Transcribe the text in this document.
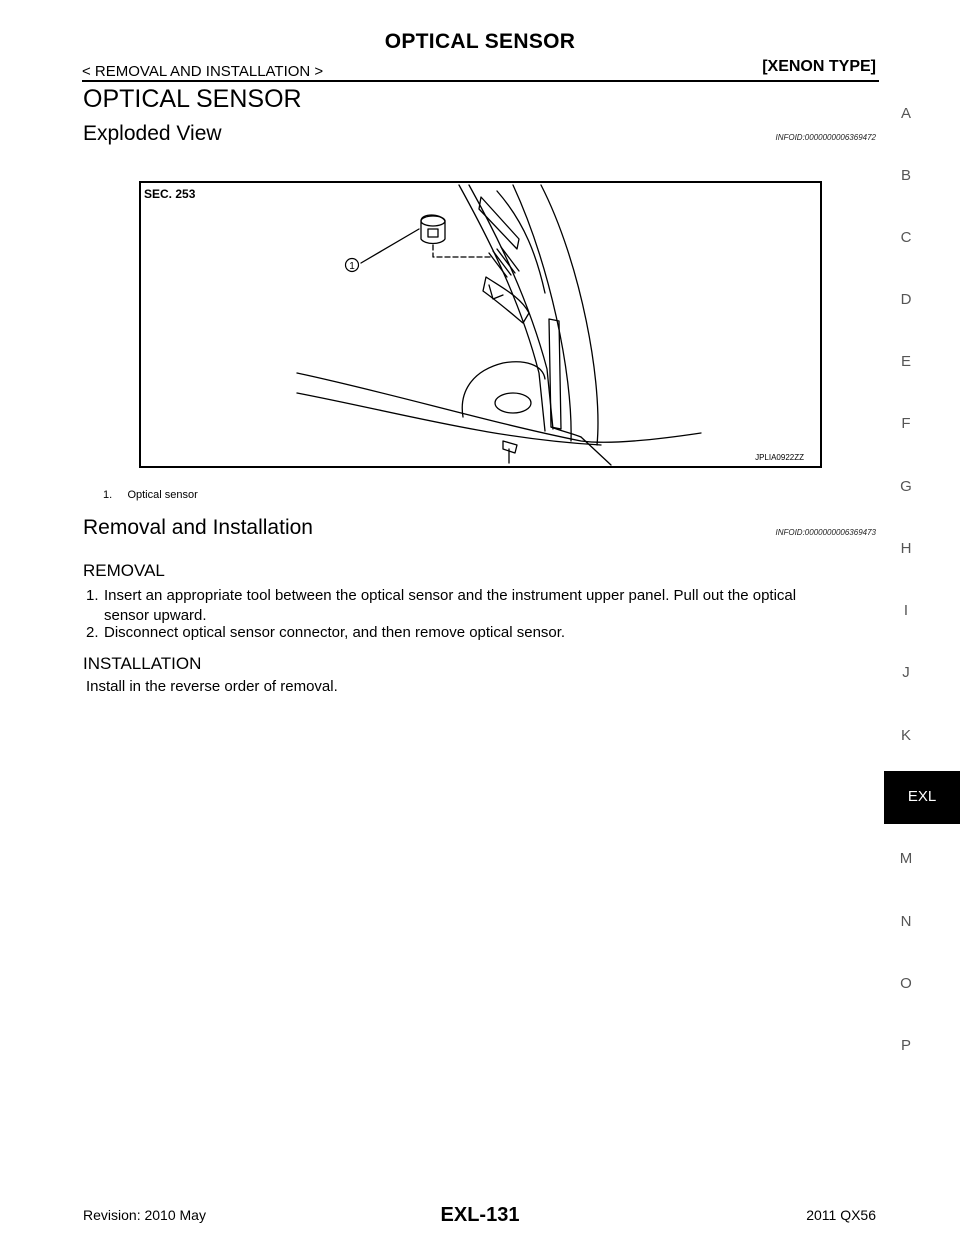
OPTICAL SENSOR
< REMOVAL AND INSTALLATION >	[XENON TYPE]
OPTICAL SENSOR
Exploded View	INFOID:0000000006369472
1
SEC. 253
JPLIA0922ZZ
1.     Optical sensor
Removal and Installation	INFOID:0000000006369473
REMOVAL
1. Insert an appropriate tool between the optical sensor and the instrument upper panel. Pull out the optical
sensor upward.
2. Disconnect optical sensor connector, and then remove optical sensor.
INSTALLATION
Install in the reverse order of removal.
A
B
C
D
E
F
G
H
I
J
K
EXL
M
N
O
P
Revision: 2010 May	EXL-131	2011 QX56
